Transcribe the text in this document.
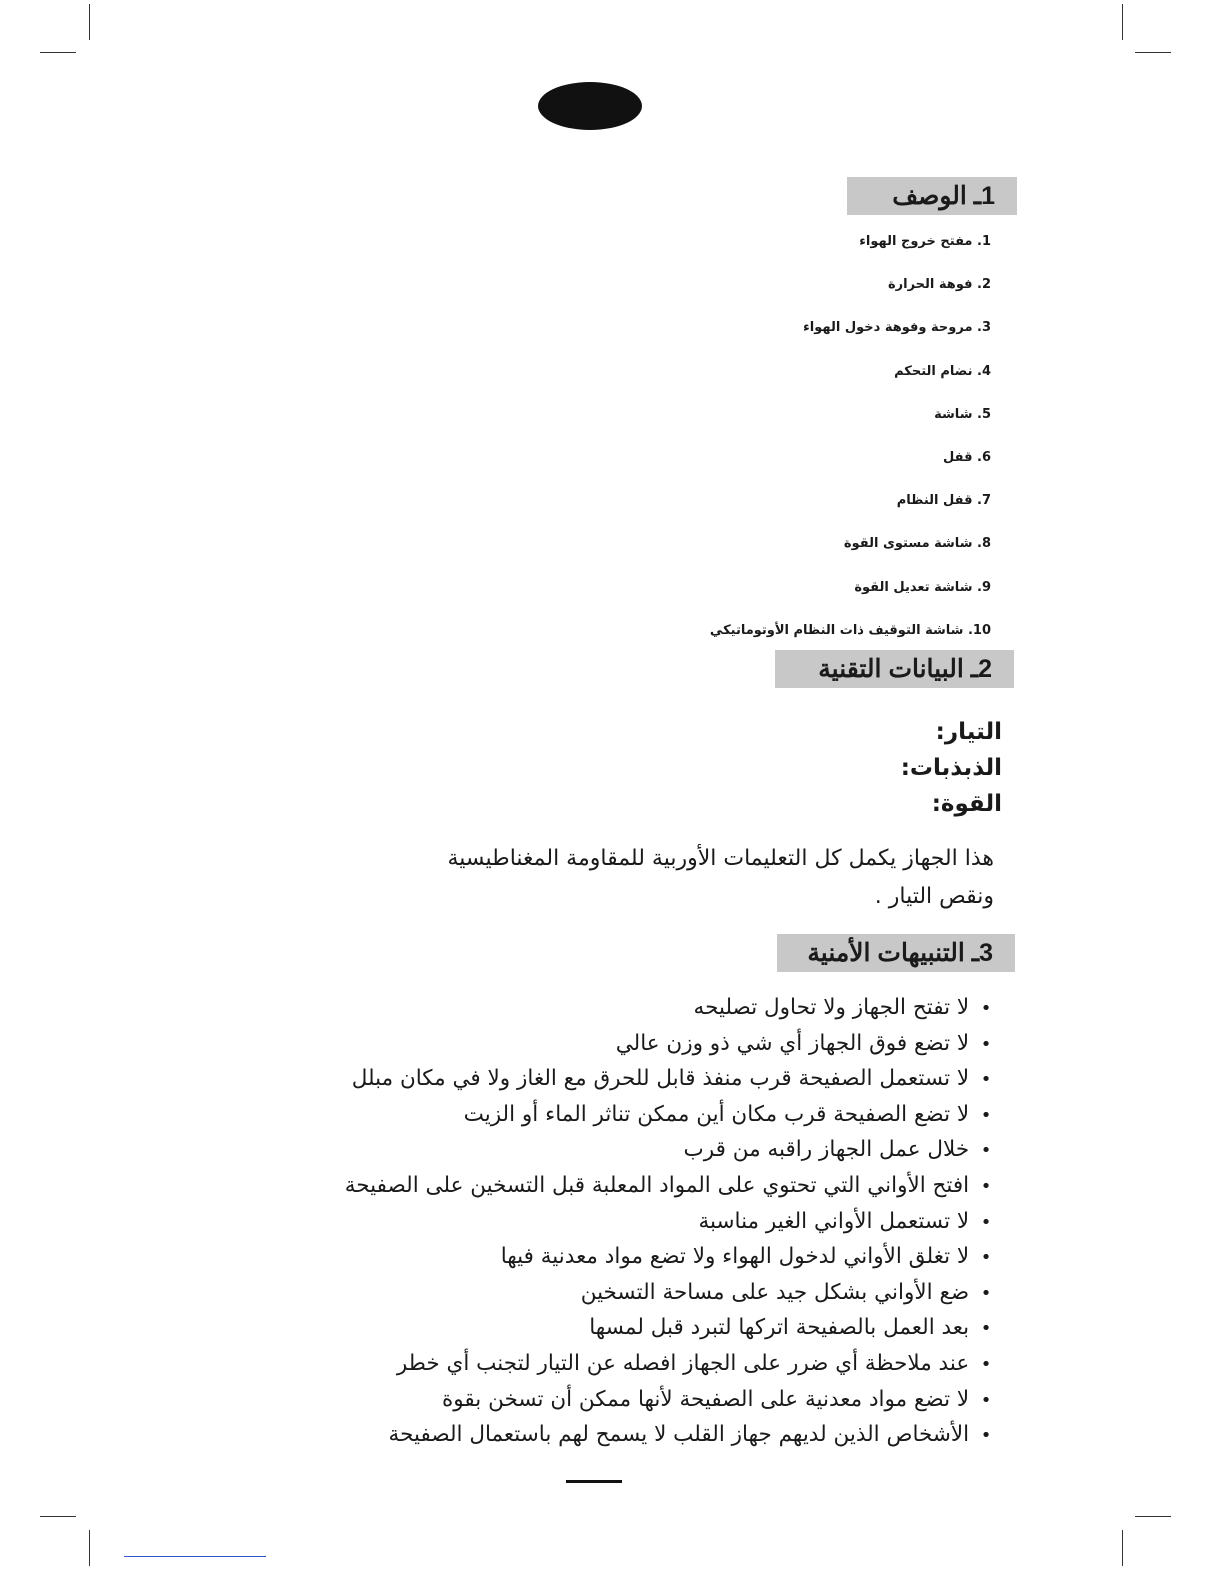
1ـ الوصف
1. مفتح خروج الهواء
2. فوهة الحرارة
3. مروحة وفوهة دخول الهواء
4. نضام التحكم
5. شاشة
6. قفل
7. قفل النظام
8. شاشة مستوى القوة
9. شاشة تعديل القوة
10. شاشة التوقيف ذات النظام الأوتوماتيكي
2ـ البيانات التقنية
التيار:
الذبذبات:
القوة:
هذا الجهاز يكمل كل التعليمات الأوربية للمقاومة المغناطيسية
ونقص التيار .
3ـ التنبيهات الأمنية
• لا تفتح الجهاز ولا تحاول تصليحه
• لا تضع فوق الجهاز أي شي ذو وزن عالي
• لا تستعمل الصفيحة قرب منفذ قابل للحرق مع الغاز ولا في مكان مبلل
• لا تضع الصفيحة قرب مكان أين ممكن تناثر الماء أو الزيت
• خلال عمل الجهاز راقبه من قرب
• افتح الأواني التي تحتوي على المواد المعلبة قبل التسخين على الصفيحة
• لا تستعمل الأواني الغير مناسبة
• لا تغلق الأواني لدخول الهواء ولا تضع مواد معدنية فيها
• ضع الأواني بشكل جيد على مساحة التسخين
• بعد العمل بالصفيحة اتركها لتبرد قبل لمسها
• عند ملاحظة أي ضرر على الجهاز افصله عن التيار لتجنب أي خطر
• لا تضع مواد معدنية على الصفيحة لأنها ممكن أن تسخن بقوة
• الأشخاص الذين لديهم جهاز القلب لا يسمح لهم باستعمال الصفيحة
